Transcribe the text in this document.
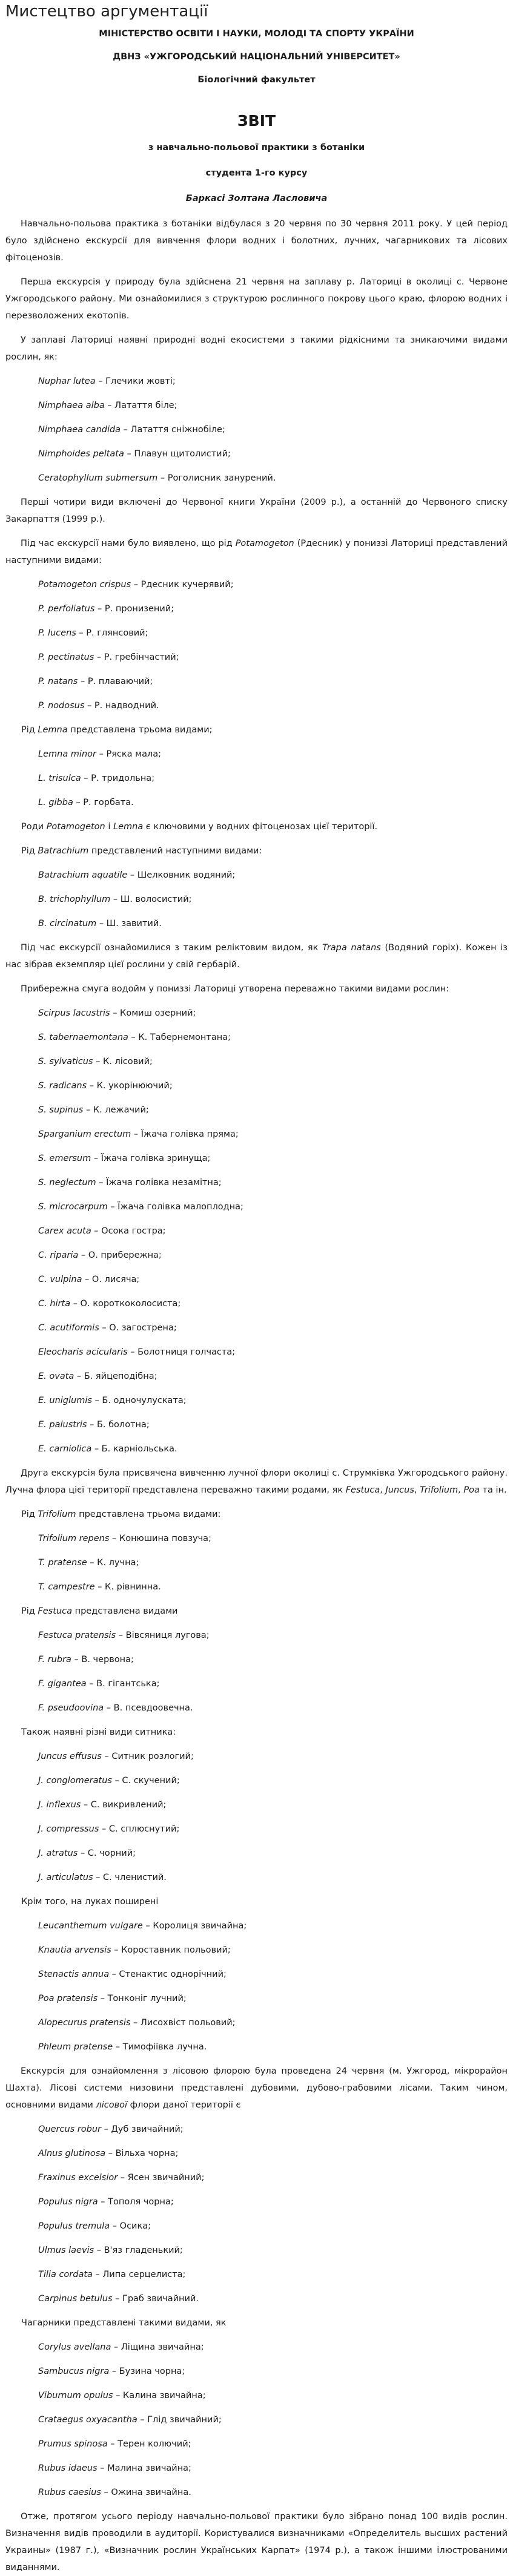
Мистецтво аргументації

МІНІСТЕРСТВО ОСВІТИ І НАУКИ, МОЛОДІ ТА СПОРТУ УКРАЇНИ

ДВНЗ «УЖГОРОДСЬКИЙ НАЦІОНАЛЬНИЙ УНІВЕРСИТЕТ»

Біологічний факультет

ЗВІТ

з навчально-польової практики з ботаніки

студента 1-го курсу

Баркасі Золтана Ласловича

Навчально-польова практика з ботаніки відбулася з 20 червня по 30 червня 2011 року. У цей період було здійснено екскурсії для вивчення флори водних і болотних, лучних, чагарникових та лісових фітоценозів.

Перша екскурсія у природу була здійснена 21 червня на заплаву р. Латориці в околиці с. Червоне Ужгородського району. Ми ознайомилися з структурою рослинного покрову цього краю, флорою водних і перезволожених екотопів.

У заплаві Латориці наявні природні водні екосистеми з такими рідкісними та зникаючими видами рослин, як:

Nuphar lutea – Глечики жовті;
Nimphaea alba – Латаття біле;
Nimphaea candida – Латаття сніжнобіле;
Nimphoides peltata – Плавун щитолистий;
Ceratophyllum submersum – Роголисник занурений.

Перші чотири види включені до Червоної книги України (2009 р.), а останній до Червоного списку Закарпаття (1999 р.).

Під час екскурсії нами було виявлено, що рід Potamogeton (Рдесник) у пониззі Латориці представлений наступними видами:

Potamogeton crispus – Рдесник кучерявий;
P. perfoliatus – Р. пронизений;
P. lucens – Р. глянсовий;
P. pectinatus – Р. гребінчастий;
P. natans – Р. плаваючий;
P. nodosus – Р. надводний.

Рід Lemna представлена трьома видами;

Lemna minor – Ряска мала;
L. trisulca – Р. тридольна;
L. gibba – Р. горбата.

Роди Potamogeton і Lemna є ключовими у водних фітоценозах цієї території.

Рід Batrachium представлений наступними видами:

Batrachium aquatile – Шелковник водяний;
B. trichophyllum – Ш. волосистий;
B. circinatum – Ш. завитий.

Під час екскурсії ознайомилися з таким реліктовим видом, як Trapa natans (Водяний горіх). Кожен із нас зібрав екземпляр цієї рослини у свій гербарій.

Прибережна смуга водойм у пониззі Латориці утворена переважно такими видами рослин:

Scirpus lacustris – Комиш озерний;
S. tabernaemontana – К. Табернемонтана;
S. sylvaticus – К. лісовий;
S. radicans – К. укорінюючий;
S. supinus – К. лежачий;
Sparganium erectum – Їжача голівка пряма;
S. emersum – Їжача голівка зринуща;
S. neglectum – Їжача голівка незамітна;
S. microcarpum – Їжача голівка малоплодна;
Carex acuta – Осока гостра;
C. riparia – О. прибережна;
C. vulpina – О. лисяча;
C. hirta – О. короткоколосиста;
C. acutiformis – О. загострена;
Eleocharis acicularis – Болотниця голчаста;
E. ovata – Б. яйцеподібна;
E. uniglumis – Б. одночулуската;
E. palustris – Б. болотна;
E. carniolica – Б. карніольська.

Друга екскурсія була присвячена вивченню лучної флори околиці с. Струмківка Ужгородського району. Лучна флора цієї території представлена переважно такими родами, як Festuca, Juncus, Trifolium, Poa та ін.

Рід Trifolium представлена трьома видами:

Trifolium repens – Конюшина повзуча;
T. pratense – К. лучна;
T. campestre – К. рівнинна.

Рід Festuca представлена видами

Festuca pratensis – Вівсяниця лугова;
F. rubra – В. червона;
F. gigantea – В. гігантська;
F. pseudoovina – В. псевдоовечна.

Також наявні різні види ситника:

Juncus effusus – Ситник розлогий;
J. conglomeratus – С. скучений;
J. inflexus – С. викривлений;
J. compressus – С. сплюснутий;
J. atratus – С. чорний;
J. articulatus – С. членистий.

Крім того, на луках поширені

Leucanthemum vulgare – Королиця звичайна;
Knautia arvensis – Короставник польовий;
Stenactis annua – Стенактис однорічний;
Poa pratensis – Тонконіг лучний;
Alopecurus pratensis – Лисохвіст польовий;
Phleum pratense – Тимофіївка лучна.

Екскурсія для ознайомлення з лісовою флорою була проведена 24 червня (м. Ужгород, мікрорайон Шахта). Лісові системи низовини представлені дубовими, дубово-грабовими лісами. Таким чином, основними видами лісової флори даної території є

Quercus robur – Дуб звичайний;
Alnus glutinosa – Вільха чорна;
Fraxinus excelsior – Ясен звичайний;
Populus nigra – Тополя чорна;
Populus tremula – Осика;
Ulmus laevis – В'яз гладенький;
Tilia cordata – Липа серцелиста;
Carpinus betulus – Граб звичайний.

Чагарники представлені такими видами, як

Corylus avellana – Ліщина звичайна;
Sambucus nigra – Бузина чорна;
Viburnum opulus – Калина звичайна;
Crataegus oxyacantha – Глід звичайний;
Prumus spinosa – Терен колючий;
Rubus idaeus – Малина звичайна;
Rubus caesius – Ожина звичайна.

Отже, протягом усього періоду навчально-польової практики було зібрано понад 100 видів рослин. Визначення видів проводили в аудиторії. Користувалися визначниками «Определитель высших растений Украины» (1987 г.), «Визначник рослин Українських Карпат» (1974 р.), а також іншими ілюстрованими виданнями.
